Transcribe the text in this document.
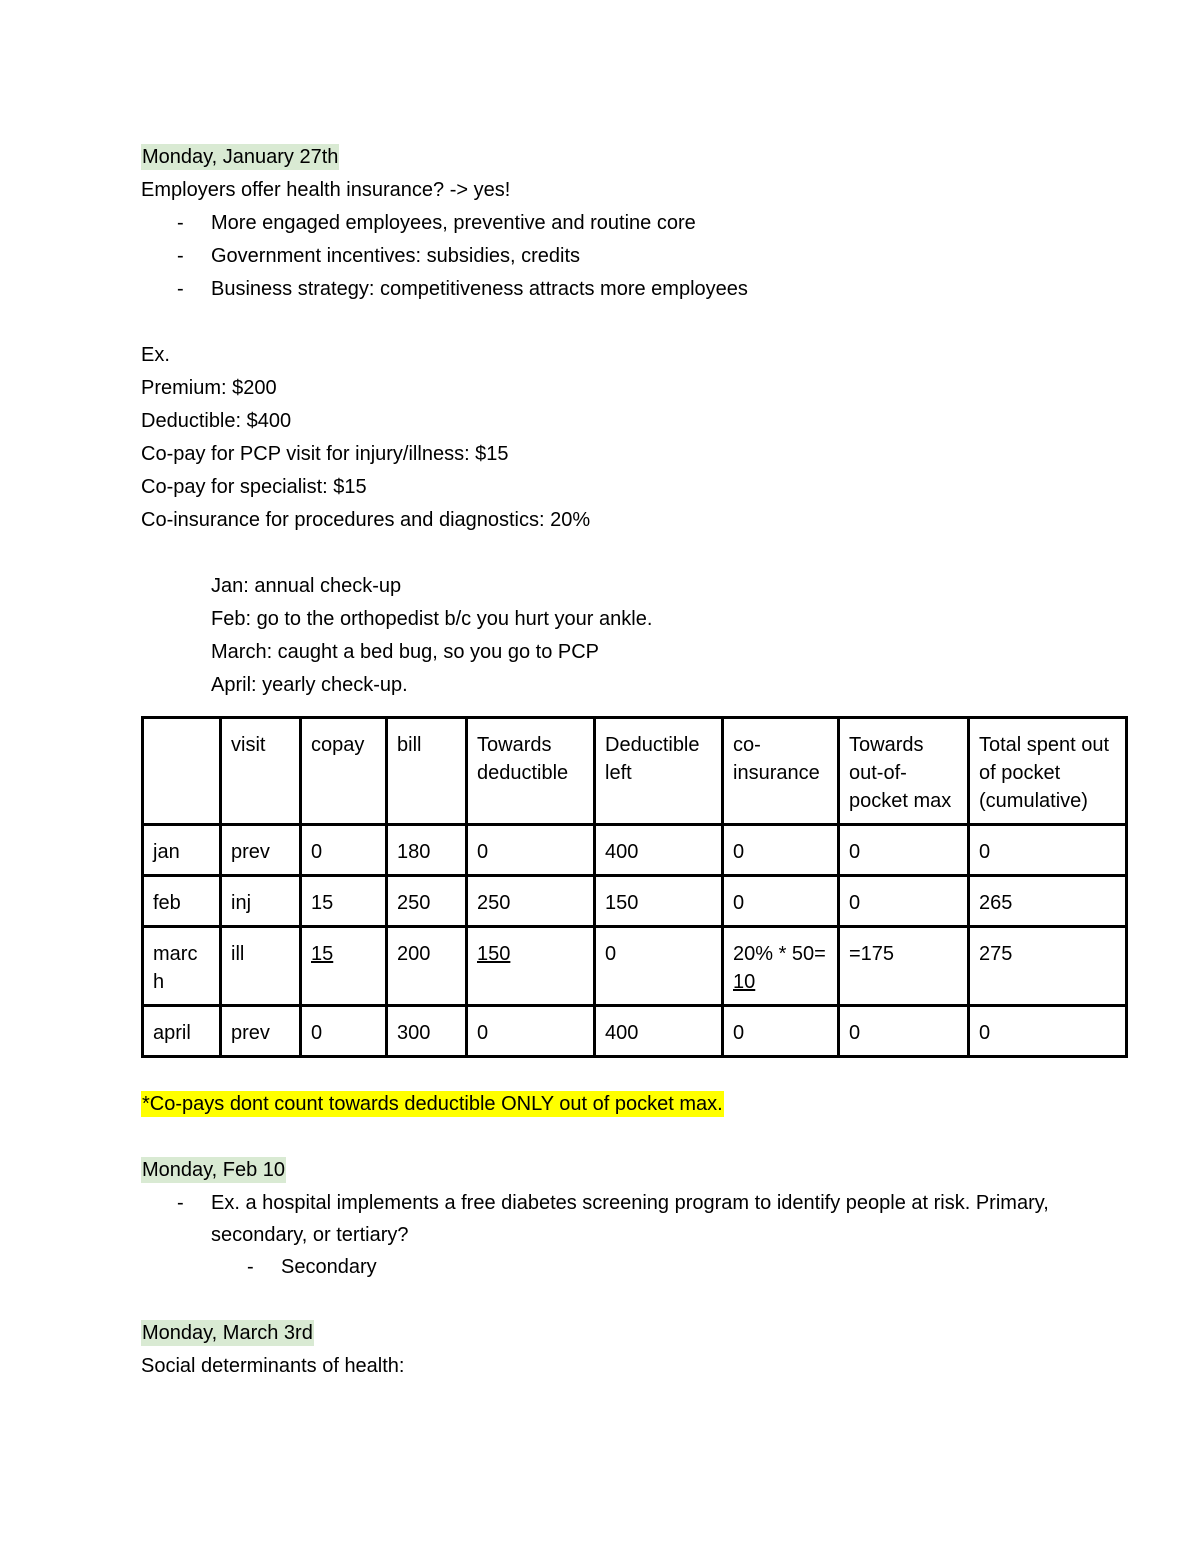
Monday, January 27th
Employers offer health insurance? -> yes!
- More engaged employees, preventive and routine core
- Government incentives: subsidies, credits
- Business strategy: competitiveness attracts more employees
Ex.
Premium: $200
Deductible: $400
Co-pay for PCP visit for injury/illness: $15
Co-pay for specialist: $15
Co-insurance for procedures and diagnostics: 20%
Jan: annual check-up
Feb: go to the orthopedist b/c you hurt your ankle.
March: caught a bed bug, so you go to PCP
April: yearly check-up.
	visit	copay	bill	Towards deductible	Deductible left	co-insurance	Towards out-of-pocket max	Total spent out of pocket (cumulative)
jan	prev	0	180	0	400	0	0	0
feb	inj	15	250	250	150	0	0	265
marc h	ill	15	200	150	0	20% * 50= 10	=175	275
april	prev	0	300	0	400	0	0	0
*Co-pays dont count towards deductible ONLY out of pocket max.
Monday, Feb 10
- Ex. a hospital implements a free diabetes screening program to identify people at risk. Primary, secondary, or tertiary?
- Secondary
Monday, March 3rd
Social determinants of health:
